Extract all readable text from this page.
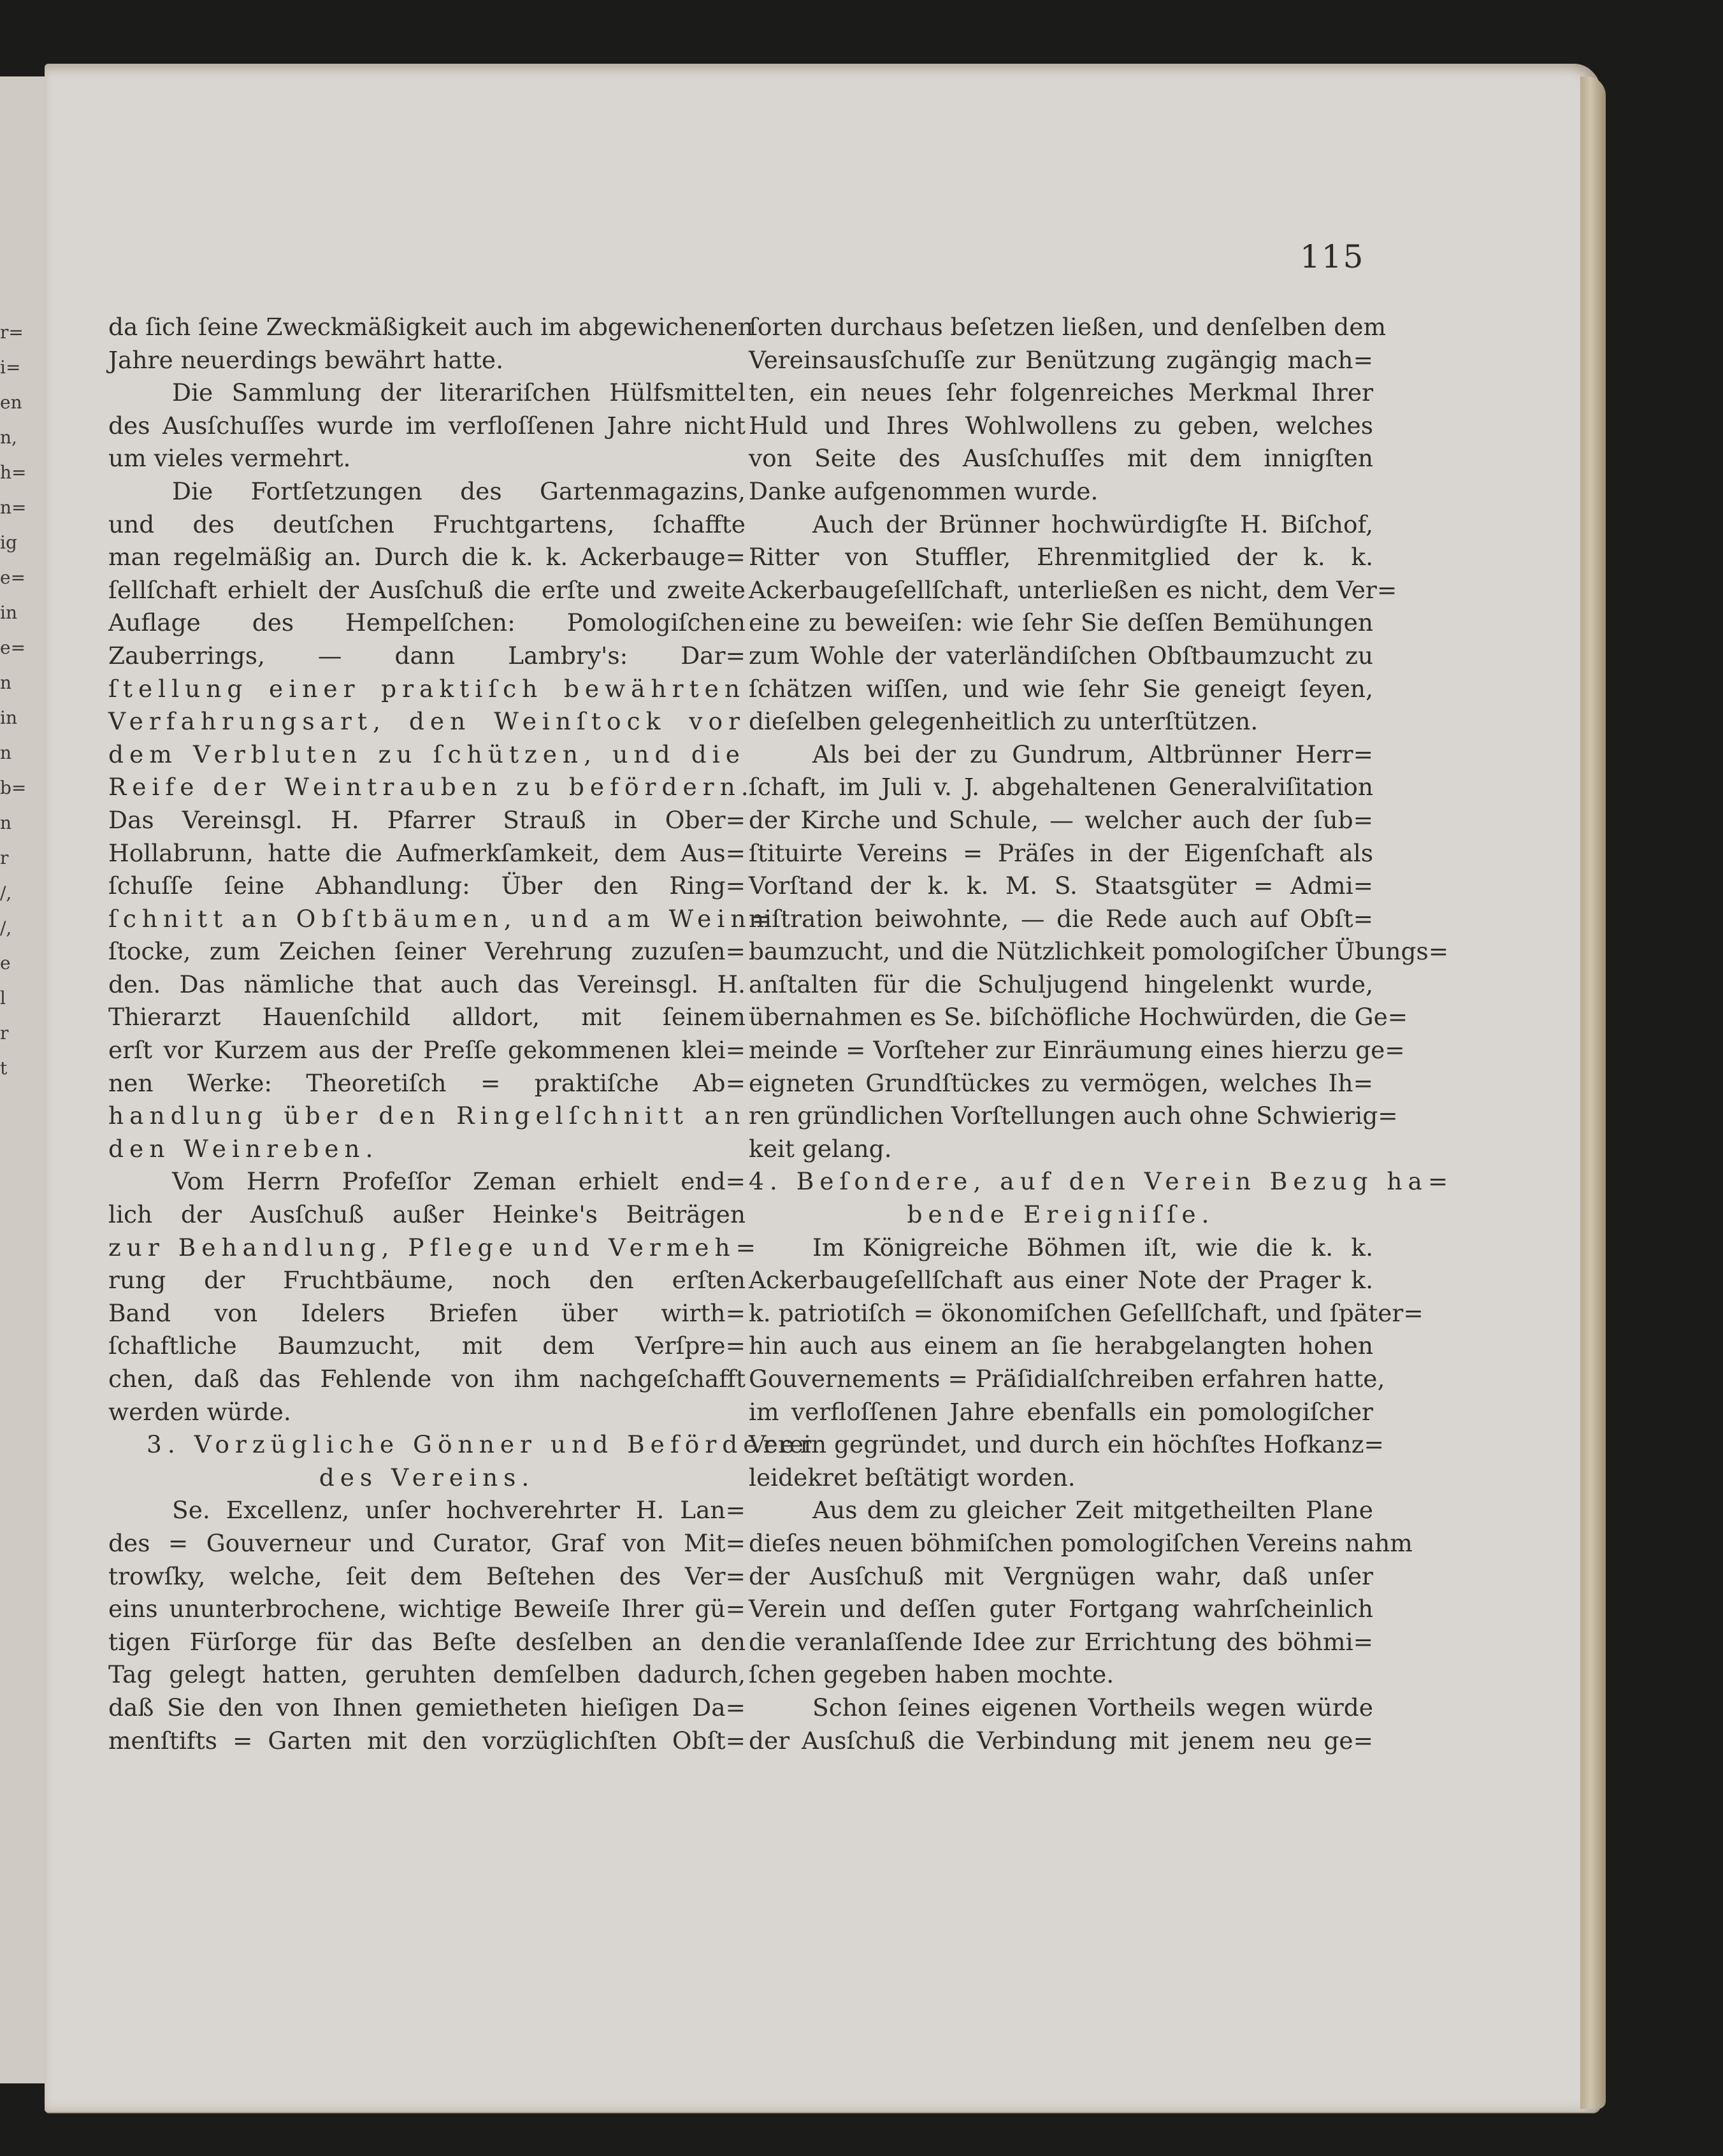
r=
i=
en
n,
h=
n=
ig
e=
in
e=
n
in
n
b=
n
r
/,
/,
e
l
r
t
115
da ſich ſeine Zweckmäßigkeit auch im abgewichenen
Jahre neuerdings bewährt hatte.
Die Sammlung der literariſchen Hülfsmittel
des Ausſchuſſes wurde im verfloſſenen Jahre nicht
um vieles vermehrt.
Die Fortſetzungen des Gartenmagazins,
und des deutſchen Fruchtgartens, ſchaffte
man regelmäßig an. Durch die k. k. Ackerbauge=
ſellſchaft erhielt der Ausſchuß die erſte und zweite
Auflage des Hempelſchen: Pomologiſchen
Zauberrings, — dann Lambry's: Dar=
ſtellung einer praktiſch bewährten
Verfahrungsart, den Weinſtock vor
dem Verbluten zu ſchützen, und die
Reife der Weintrauben zu befördern.
Das Vereinsgl. H. Pfarrer Strauß in Ober=
Hollabrunn, hatte die Aufmerkſamkeit, dem Aus=
ſchuſſe ſeine Abhandlung: Über den Ring=
ſchnitt an Obſtbäumen, und am Wein=
ſtocke, zum Zeichen ſeiner Verehrung zuzuſen=
den. Das nämliche that auch das Vereinsgl. H.
Thierarzt Hauenſchild alldort, mit ſeinem
erſt vor Kurzem aus der Preſſe gekommenen klei=
nen Werke: Theoretiſch = praktiſche Ab=
handlung über den Ringelſchnitt an
den Weinreben.
Vom Herrn Profeſſor Zeman erhielt end=
lich der Ausſchuß außer Heinke's Beiträgen
zur Behandlung, Pflege und Vermeh=
rung der Fruchtbäume, noch den erſten
Band von Idelers Briefen über wirth=
ſchaftliche Baumzucht, mit dem Verſpre=
chen, daß das Fehlende von ihm nachgeſchafft
werden würde.
3. Vorzügliche Gönner und Beförderer
des Vereins.
Se. Excellenz, unſer hochverehrter H. Lan=
des = Gouverneur und Curator, Graf von Mit=
trowſky, welche, ſeit dem Beſtehen des Ver=
eins ununterbrochene, wichtige Beweiſe Ihrer gü=
tigen Fürſorge für das Beſte desſelben an den
Tag gelegt hatten, geruhten demſelben dadurch,
daß Sie den von Ihnen gemietheten hieſigen Da=
menſtifts = Garten mit den vorzüglichſten Obſt=
ſorten durchaus beſetzen ließen, und denſelben dem
Vereinsausſchuſſe zur Benützung zugängig mach=
ten, ein neues ſehr folgenreiches Merkmal Ihrer
Huld und Ihres Wohlwollens zu geben, welches
von Seite des Ausſchuſſes mit dem innigſten
Danke aufgenommen wurde.
Auch der Brünner hochwürdigſte H. Biſchof,
Ritter von Stuffler, Ehrenmitglied der k. k.
Ackerbaugeſellſchaft, unterließen es nicht, dem Ver=
eine zu beweiſen: wie ſehr Sie deſſen Bemühungen
zum Wohle der vaterländiſchen Obſtbaumzucht zu
ſchätzen wiſſen, und wie ſehr Sie geneigt ſeyen,
dieſelben gelegenheitlich zu unterſtützen.
Als bei der zu Gundrum, Altbrünner Herr=
ſchaft, im Juli v. J. abgehaltenen Generalviſitation
der Kirche und Schule, — welcher auch der ſub=
ſtituirte Vereins = Präſes in der Eigenſchaft als
Vorſtand der k. k. M. S. Staatsgüter = Admi=
niſtration beiwohnte, — die Rede auch auf Obſt=
baumzucht, und die Nützlichkeit pomologiſcher Übungs=
anſtalten für die Schuljugend hingelenkt wurde,
übernahmen es Se. biſchöfliche Hochwürden, die Ge=
meinde = Vorſteher zur Einräumung eines hierzu ge=
eigneten Grundſtückes zu vermögen, welches Ih=
ren gründlichen Vorſtellungen auch ohne Schwierig=
keit gelang.
4. Beſondere, auf den Verein Bezug ha=
bende Ereigniſſe.
Im Königreiche Böhmen iſt, wie die k. k.
Ackerbaugeſellſchaft aus einer Note der Prager k.
k. patriotiſch = ökonomiſchen Geſellſchaft, und ſpäter=
hin auch aus einem an ſie herabgelangten hohen
Gouvernements = Präſidialſchreiben erfahren hatte,
im verfloſſenen Jahre ebenfalls ein pomologiſcher
Verein gegründet, und durch ein höchſtes Hofkanz=
leidekret beſtätigt worden.
Aus dem zu gleicher Zeit mitgetheilten Plane
dieſes neuen böhmiſchen pomologiſchen Vereins nahm
der Ausſchuß mit Vergnügen wahr, daß unſer
Verein und deſſen guter Fortgang wahrſcheinlich
die veranlaſſende Idee zur Errichtung des böhmi=
ſchen gegeben haben mochte.
Schon ſeines eigenen Vortheils wegen würde
der Ausſchuß die Verbindung mit jenem neu ge=
